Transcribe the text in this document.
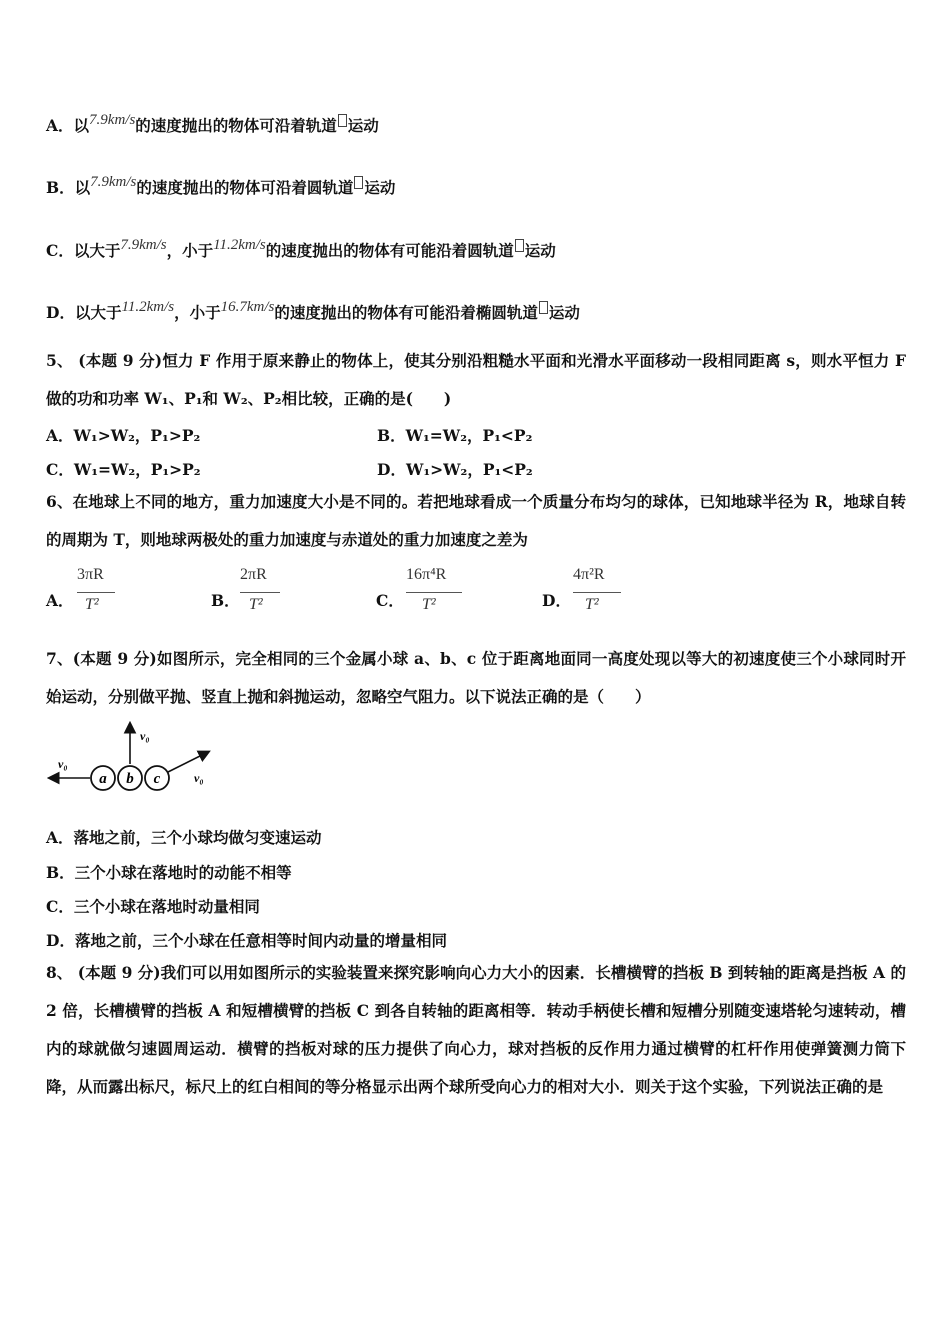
A．以7.9km/s的速度抛出的物体可沿着轨道 运动
B．以7.9km/s的速度抛出的物体可沿着圆轨道 运动
C．以大于7.9km/s，小于11.2km/s的速度抛出的物体有可能沿着圆轨道 运动
D．以大于11.2km/s，小于16.7km/s的速度抛出的物体有可能沿着椭圆轨道 运动
5、 (本题 9 分)恒力 F 作用于原来静止的物体上，使其分别沿粗糙水平面和光滑水平面移动一段相同距离 s，则水平恒力 F 做的功和功率 W₁、P₁和 W₂、P₂相比较，正确的是(　　)
A．W₁>W₂，P₁>P₂	B．W₁=W₂，P₁<P₂
C．W₁=W₂，P₁>P₂	D．W₁>W₂，P₁<P₂
6、在地球上不同的地方，重力加速度大小是不同的。若把地球看成一个质量分布均匀的球体，已知地球半径为 R，地球自转的周期为 T，则地球两极处的重力加速度与赤道处的重力加速度之差为
A．
3πR
T²	B．
2πR
T²	C．
16π⁴R
T²	D．
4π²R
T²
7、(本题 9 分)如图所示，完全相同的三个金属小球 a、b、c 位于距离地面同一高度处现以等大的初速度使三个小球同时开始运动，分别做平抛、竖直上抛和斜抛运动，忽略空气阻力。以下说法正确的是（　　）
a b c
v₀
v₀
v₀
A．落地之前，三个小球均做匀变速运动
B．三个小球在落地时的动能不相等
C．三个小球在落地时动量相同
D．落地之前，三个小球在任意相等时间内动量的增量相同
8、 (本题 9 分)我们可以用如图所示的实验装置来探究影响向心力大小的因素．长槽横臂的挡板 B 到转轴的距离是挡板 A 的 2 倍，长槽横臂的挡板 A 和短槽横臂的挡板 C 到各自转轴的距离相等．转动手柄使长槽和短槽分别随变速塔轮匀速转动，槽内的球就做匀速圆周运动．横臂的挡板对球的压力提供了向心力，球对挡板的反作用力通过横臂的杠杆作用使弹簧测力筒下降，从而露出标尺，标尺上的红白相间的等分格显示出两个球所受向心力的相对大小．则关于这个实验，下列说法正确的是
